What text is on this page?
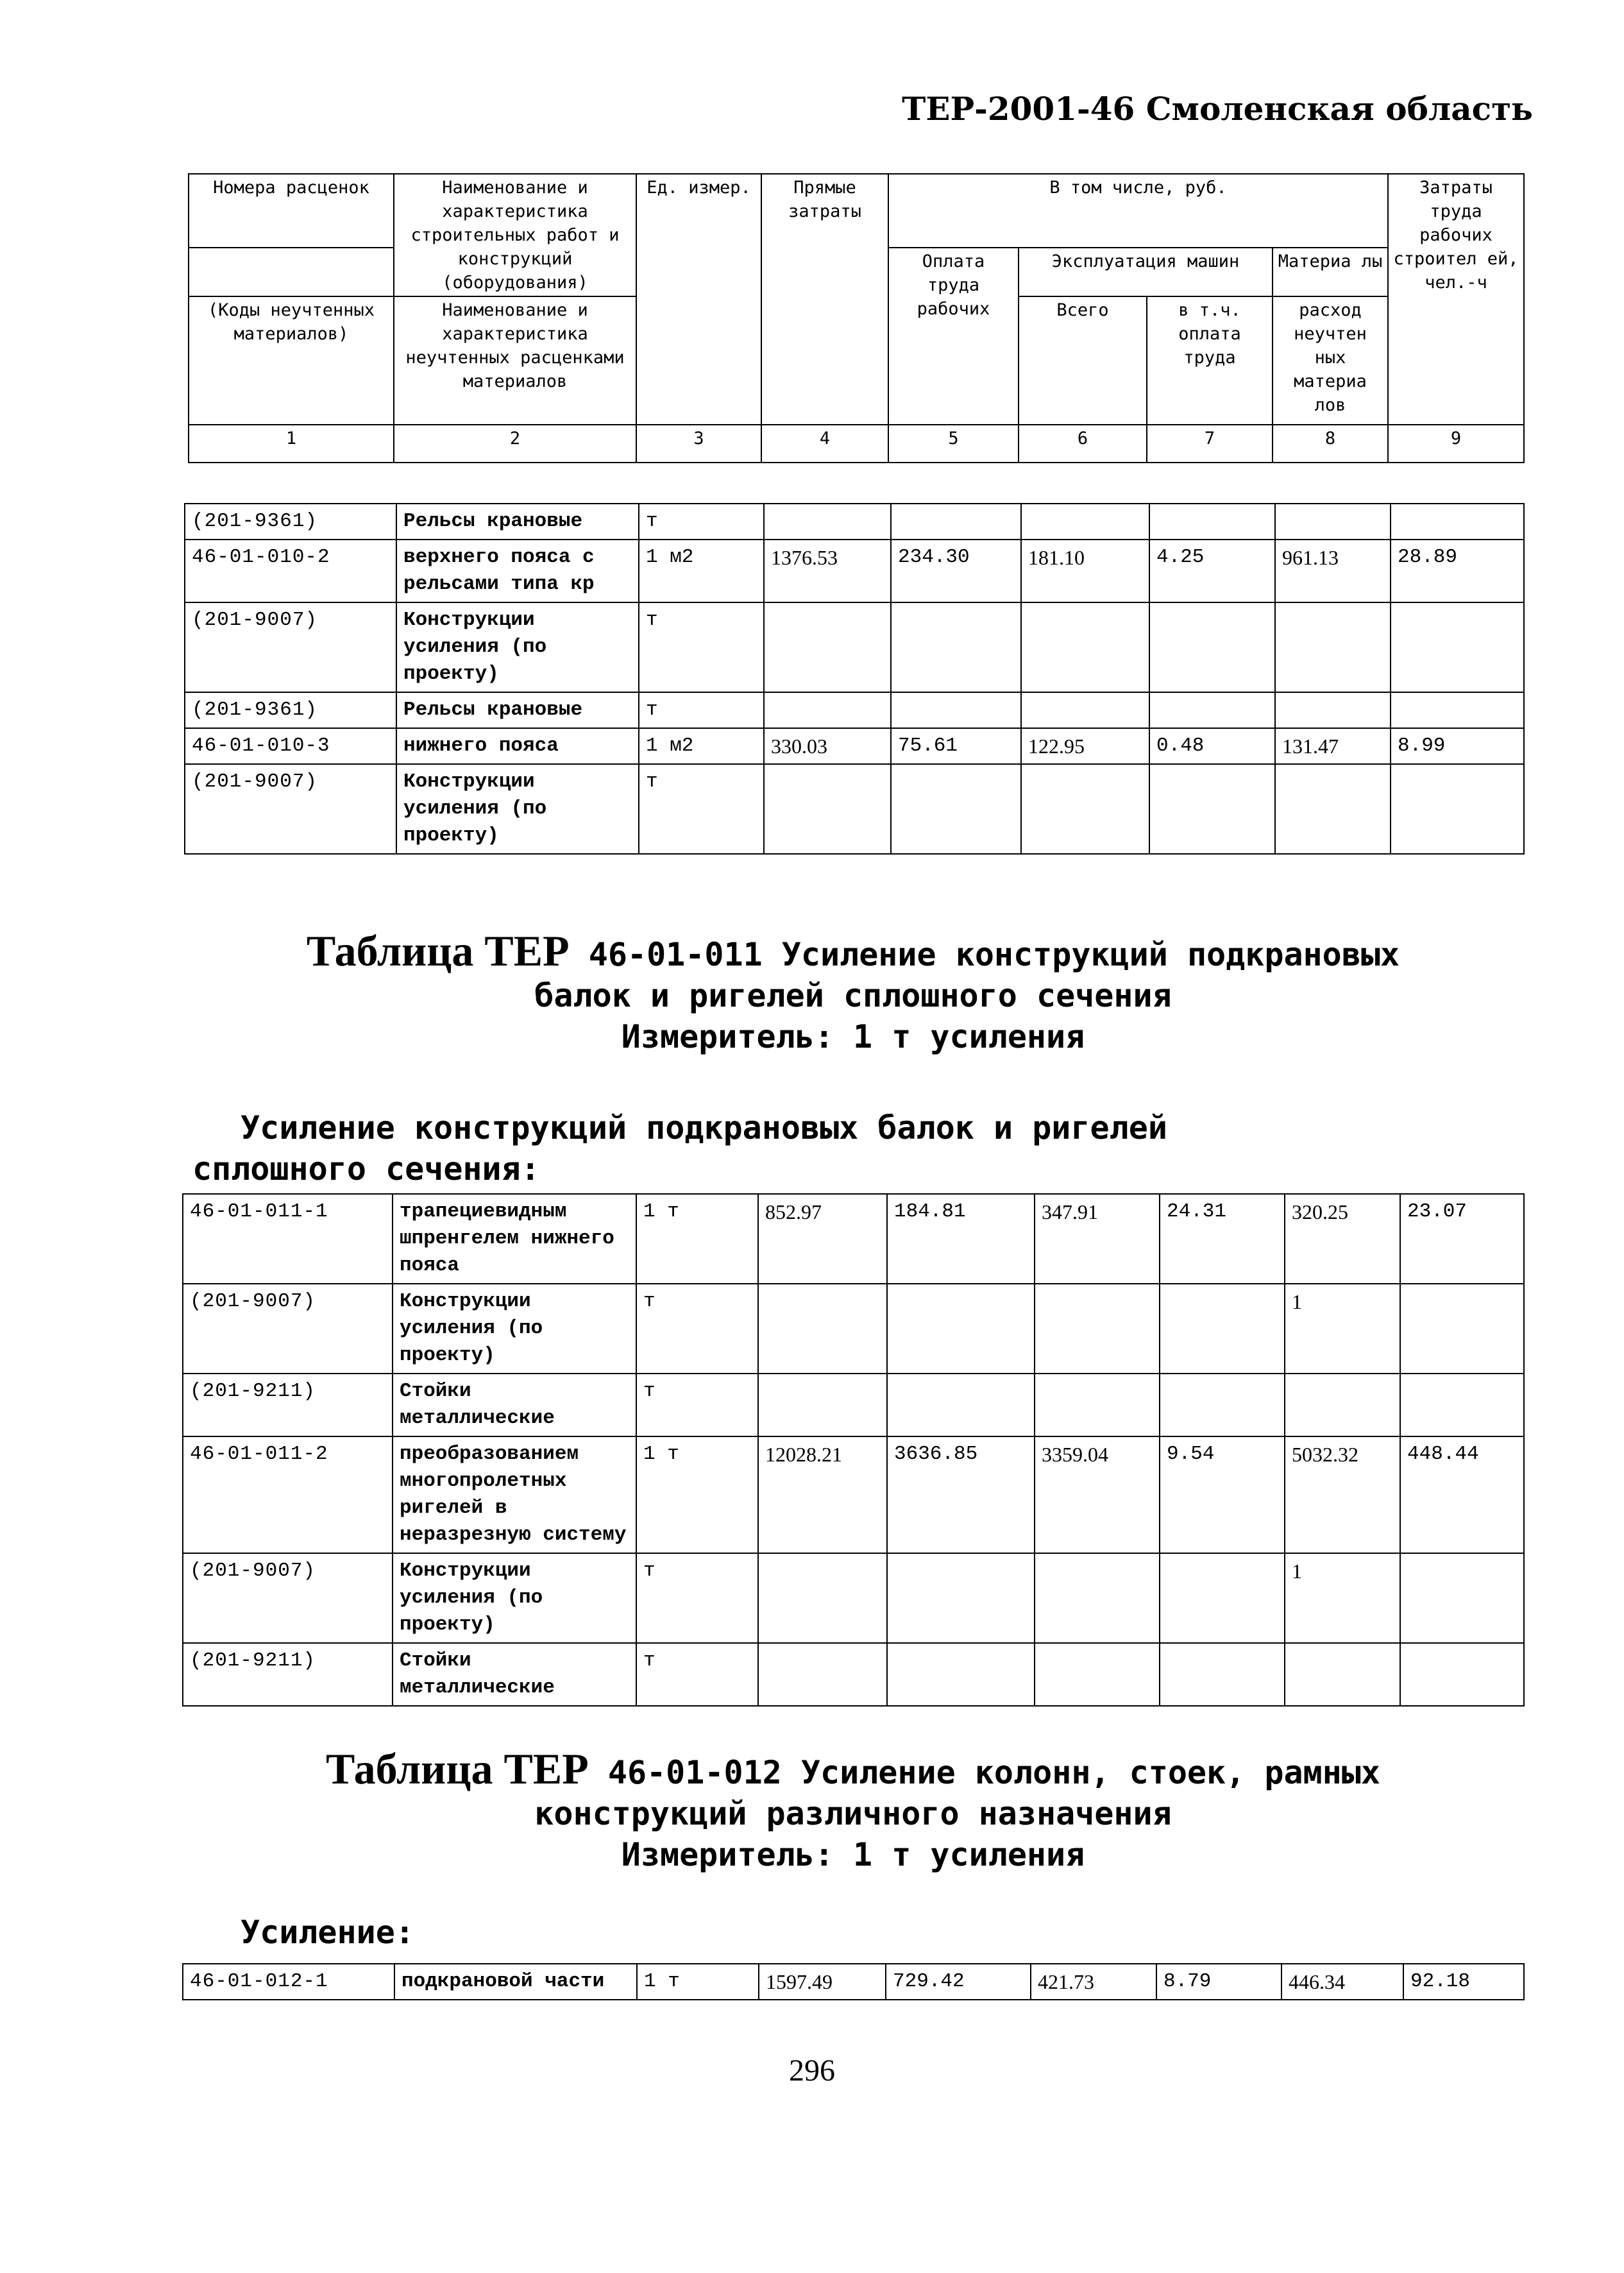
ТЕР-2001-46 Смоленская область
Номера расценок	Наименование и характеристика строительных работ и конструкций (оборудования)	Ед. измер.	Прямые затраты	В том числе, руб.				Затраты труда рабочих строител ей, чел.-ч
				Оплата труда рабочих	Эксплуатация машин		Материа лы	
(Коды неучтенных материалов)	Наименование и характеристика неучтенных расценками материалов				Всего	в т.ч. оплата труда	расход неучтен ных материа лов	
1	2	3	4	5	6	7	8	9
(201-9361)	Рельсы крановые	т						
46-01-010-2	верхнего пояса с рельсами типа кр	1 м2	1376.53	234.30	181.10	4.25	961.13	28.89
(201-9007)	Конструкции усиления (по проекту)	т						
(201-9361)	Рельсы крановые	т						
46-01-010-3	нижнего пояса	1 м2	330.03	75.61	122.95	0.48	131.47	8.99
(201-9007)	Конструкции усиления (по проекту)	т						
Таблица ТЕР 46-01-011 Усиление конструкций подкрановых
балок и ригелей сплошного сечения
Измеритель: 1 т усиления
Усиление конструкций подкрановых балок и ригелей
сплошного сечения:
46-01-011-1	трапециевидным шпренгелем нижнего пояса	1 т	852.97	184.81	347.91	24.31	320.25	23.07
(201-9007)	Конструкции усиления (по проекту)	т					1	
(201-9211)	Стойки металлические	т						
46-01-011-2	преобразованием многопролетных ригелей в неразрезную систему	1 т	12028.21	3636.85	3359.04	9.54	5032.32	448.44
(201-9007)	Конструкции усиления (по проекту)	т					1	
(201-9211)	Стойки металлические	т						
Таблица ТЕР 46-01-012 Усиление колонн, стоек, рамных
конструкций различного назначения
Измеритель: 1 т усиления
Усиление:
46-01-012-1	подкрановой части	1 т	1597.49	729.42	421.73	8.79	446.34	92.18
296
